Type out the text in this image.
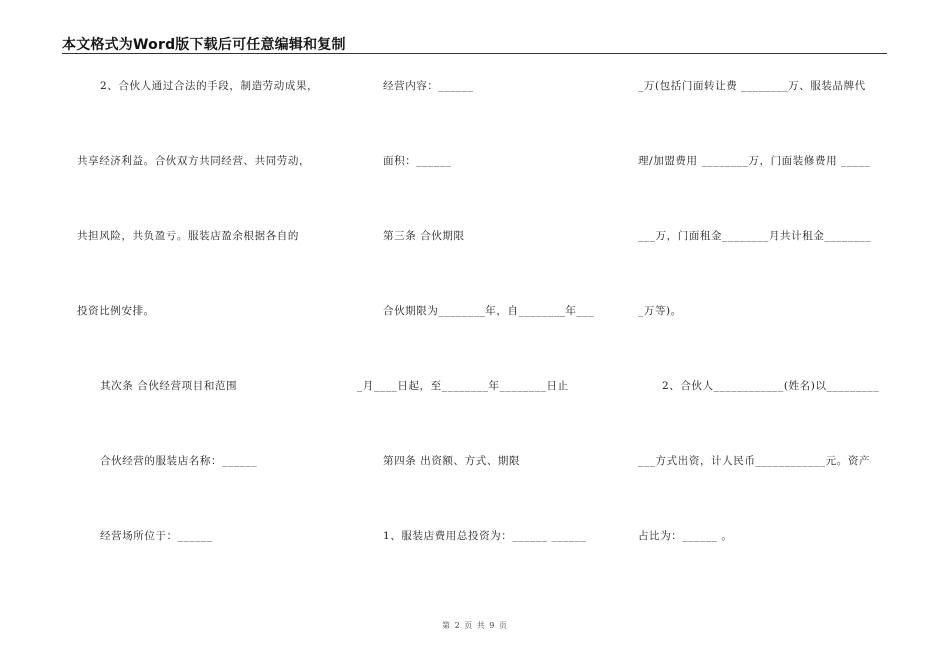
本文格式为Word版下载后可任意编辑和复制
2、合伙人通过合法的手段，制造劳动成果，
共享经济利益。合伙双方共同经营、共同劳动，
共担风险，共负盈亏。服装店盈余根据各自的
投资比例安排。
其次条 合伙经营项目和范围
合伙经营的服装店名称：______
经营场所位于：______
经营内容：______
面积：______
第三条 合伙期限
合伙期限为________年，自________年___
_月____日起，至________年________日止
第四条 出资额、方式、期限
1、服装店费用总投资为：______ ______
_万(包括门面转让费 ________万、服装品牌代
理/加盟费用 ________万，门面装修费用 _____
___万，门面租金________月共计租金________
_万等)。
2、合伙人____________(姓名)以_________
___方式出资，计人民币____________元。资产
占比为：______ 。
第 2 页 共 9 页
